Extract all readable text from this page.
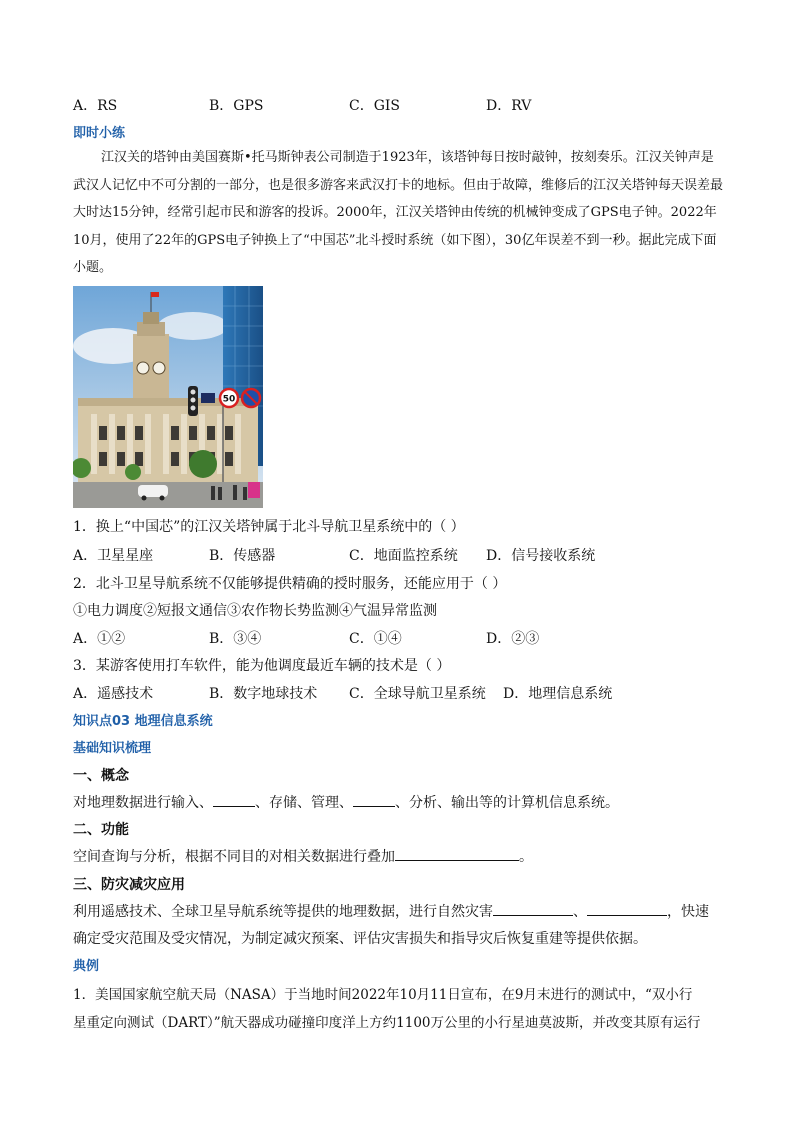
A．RS	B．GPS	C．GIS	D．RV
即时小练
江汉关的塔钟由美国赛斯•托马斯钟表公司制造于1923年，该塔钟每日按时敲钟，按刻奏乐。江汉关钟声是武汉人记忆中不可分割的一部分，也是很多游客来武汉打卡的地标。但由于故障，维修后的江汉关塔钟每天误差最大时达15分钟，经常引起市民和游客的投诉。2000年，江汉关塔钟由传统的机械钟变成了GPS电子钟。2022年10月，使用了22年的GPS电子钟换上了“中国芯”北斗授时系统（如下图），30亿年误差不到一秒。据此完成下面小题。
50
1．换上“中国芯”的江汉关塔钟属于北斗导航卫星系统中的（ ）
A．卫星星座	B．传感器	C．地面监控系统 D．信号接收系统
2．北斗卫星导航系统不仅能够提供精确的授时服务，还能应用于（ ）
①电力调度②短报文通信③农作物长势监测④气温异常监测
A．①②	B．③④	C．①④	D．②③
3．某游客使用打车软件，能为他调度最近车辆的技术是（ ）
A．遥感技术	B．数字地球技术 C．全球导航卫星系统 D．地理信息系统
知识点03 地理信息系统
基础知识梳理
一、概念
对地理数据进行输入、	、存储、管理、	、分析、输出等的计算机信息系统。
二、功能
空间查询与分析，根据不同目的对相关数据进行叠加	。
三、防灾减灾应用
利用遥感技术、全球卫星导航系统等提供的地理数据，进行自然灾害	、	，快速
确定受灾范围及受灾情况，为制定减灾预案、评估灾害损失和指导灾后恢复重建等提供依据。
典例
1．美国国家航空航天局（NASA）于当地时间2022年10月11日宣布，在9月末进行的测试中，“双小行
星重定向测试（DART）”航天器成功碰撞印度洋上方约1100万公里的小行星迪莫波斯，并改变其原有运行
